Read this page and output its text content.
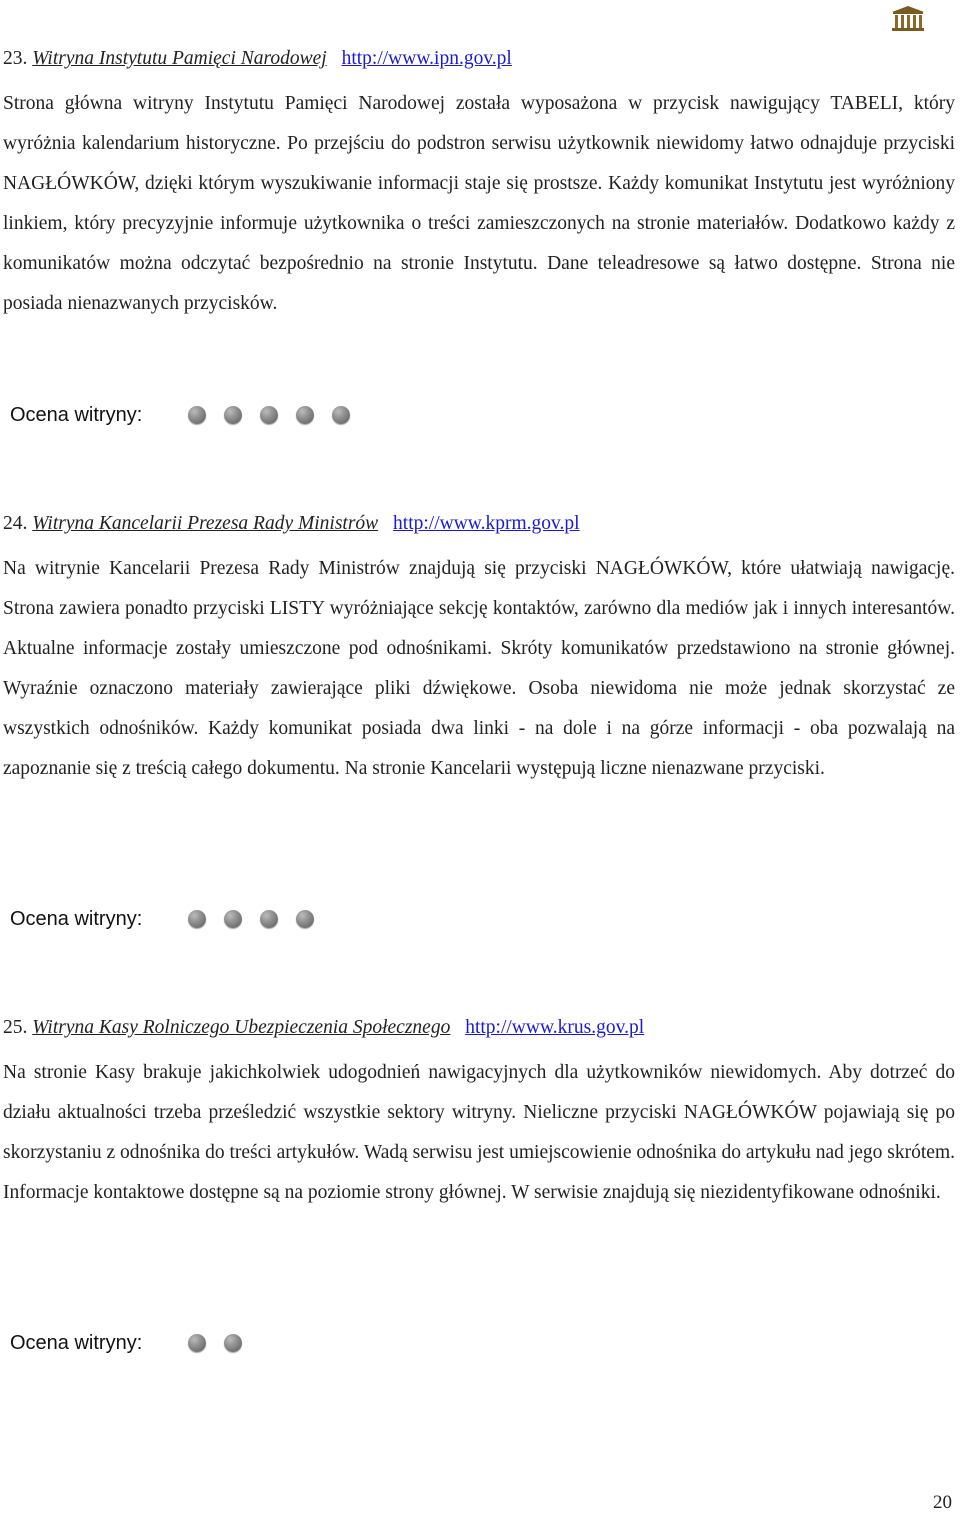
23. Witryna Instytutu Pamięci Narodowej http://www.ipn.gov.pl

Strona główna witryny Instytutu Pamięci Narodowej została wyposażona w przycisk nawigujący TABELI, który wyróżnia kalendarium historyczne. Po przejściu do podstron serwisu użytkownik niewidomy łatwo odnajduje przyciski NAGŁÓWKÓW, dzięki którym wyszukiwanie informacji staje się prostsze. Każdy komunikat Instytutu jest wyróżniony linkiem, który precyzyjnie informuje użytkownika o treści zamieszczonych na stronie materiałów. Dodatkowo każdy z komunikatów można odczytać bezpośrednio na stronie Instytutu. Dane teleadresowe są łatwo dostępne. Strona nie posiada nienazwanych przycisków.

Ocena witryny:
24. Witryna Kancelarii Prezesa Rady Ministrów http://www.kprm.gov.pl

Na witrynie Kancelarii Prezesa Rady Ministrów znajdują się przyciski NAGŁÓWKÓW, które ułatwiają nawigację. Strona zawiera ponadto przyciski LISTY wyróżniające sekcję kontaktów, zarówno dla mediów jak i innych interesantów. Aktualne informacje zostały umieszczone pod odnośnikami. Skróty komunikatów przedstawiono na stronie głównej. Wyraźnie oznaczono materiały zawierające pliki dźwiękowe. Osoba niewidoma nie może jednak skorzystać ze wszystkich odnośników. Każdy komunikat posiada dwa linki - na dole i na górze informacji - oba pozwalają na zapoznanie się z treścią całego dokumentu. Na stronie Kancelarii występują liczne nienazwane przyciski.

Ocena witryny:
25. Witryna Kasy Rolniczego Ubezpieczenia Społecznego http://www.krus.gov.pl

Na stronie Kasy brakuje jakichkolwiek udogodnień nawigacyjnych dla użytkowników niewidomych. Aby dotrzeć do działu aktualności trzeba prześledzić wszystkie sektory witryny. Nieliczne przyciski NAGŁÓWKÓW pojawiają się po skorzystaniu z odnośnika do treści artykułów. Wadą serwisu jest umiejscowienie odnośnika do artykułu nad jego skrótem. Informacje kontaktowe dostępne są na poziomie strony głównej. W serwisie znajdują się niezidentyfikowane odnośniki.

Ocena witryny:
20
